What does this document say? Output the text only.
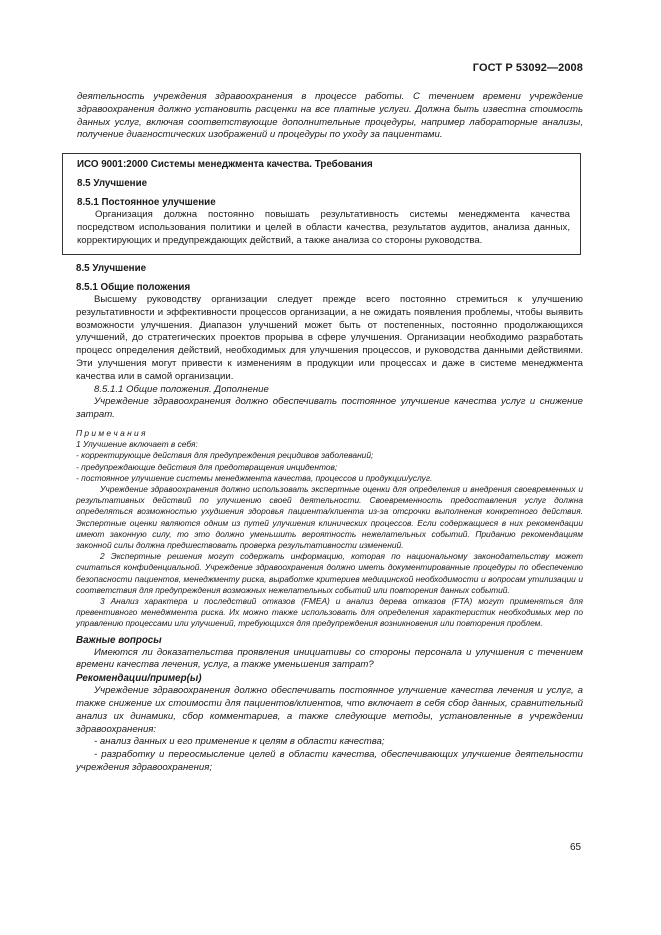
ГОСТ Р 53092—2008
деятельность учреждения здравоохранения в процессе работы. С течением времени учреждение здравоохранения должно установить расценки на все платные услуги. Должна быть известна стоимость данных услуг, включая соответствующие дополнительные процедуры, например лабораторные анализы, получение диагностических изображений и процедуры по уходу за пациентами.

ИСО 9001:2000 Системы менеджмента качества. Требования

8.5 Улучшение

8.5.1 Постоянное улучшение

Организация должна постоянно повышать результативность системы менеджмента качества посредством использования политики и целей в области качества, результатов аудитов, анализа данных, корректирующих и предупреждающих действий, а также анализа со стороны руководства.

8.5 Улучшение

8.5.1 Общие положения

Высшему руководству организации следует прежде всего постоянно стремиться к улучшению результативности и эффективности процессов организации, а не ожидать появления проблемы, чтобы выявить возможности улучшения. Диапазон улучшений может быть от постепенных, постоянно продолжающихся улучшений, до стратегических проектов прорыва в сфере улучшения. Организации необходимо разработать процесс определения действий, необходимых для улучшения процессов, и руководства данными действиями. Эти улучшения могут привести к изменениям в продукции или процессах и даже в системе менеджмента качества или в самой организации.

8.5.1.1 Общие положения. Дополнение

Учреждение здравоохранения должно обеспечивать постоянное улучшение качества услуг и снижение затрат.

П р и м е ч а н и я

1 Улучшение включает в себя:

- корректирующие действия для предупреждения рецидивов заболеваний;

- предупреждающие действия для предотвращения инцидентов;

- постоянное улучшение системы менеджмента качества, процессов и продукции/услуг.

Учреждение здравоохранения должно использовать экспертные оценки для определения и внедрения своевременных и результативных действий по улучшению своей деятельности. Своевременность предоставления услуг должна определяться возможностью ухудшения здоровья пациента/клиента из-за отсрочки выполнения конкретного действия. Экспертные оценки являются одним из путей улучшения клинических процессов. Если содержащиеся в них рекомендации имеют законную силу, то это должно уменьшить вероятность нежелательных событий. Приданию рекомендациям законной силы должна предшествовать проверка результативности изменений.

2 Экспертные решения могут содержать информацию, которая по национальному законодательству может считаться конфиденциальной. Учреждение здравоохранения должно иметь документированные процедуры по обеспечению безопасности пациентов, менеджменту риска, выработке критериев медицинской необходимости и вопросам утилизации и соответствия для предупреждения возможных нежелательных событий или повторения данных событий.

3 Анализ характера и последствий отказов (FMEA) и анализ дерева отказов (FTA) могут применяться для превентивного менеджмента риска. Их можно также использовать для определения характеристик необходимых мер по управлению процессами или улучшений, требующихся для предупреждения возникновения или повторения проблем.

Важные вопросы

Имеются ли доказательства проявления инициативы со стороны персонала и улучшения с течением времени качества лечения, услуг, а также уменьшения затрат?

Рекомендации/пример(ы)

Учреждение здравоохранения должно обеспечивать постоянное улучшение качества лечения и услуг, а также снижение их стоимости для пациентов/клиентов, что включает в себя сбор данных, сравнительный анализ их динамики, сбор комментариев, а также следующие методы, установленные в учреждении здравоохранения:

- анализ данных и его применение к целям в области качества;

- разработку и переосмысление целей в области качества, обеспечивающих улучшение деятельности учреждения здравоохранения;

65
